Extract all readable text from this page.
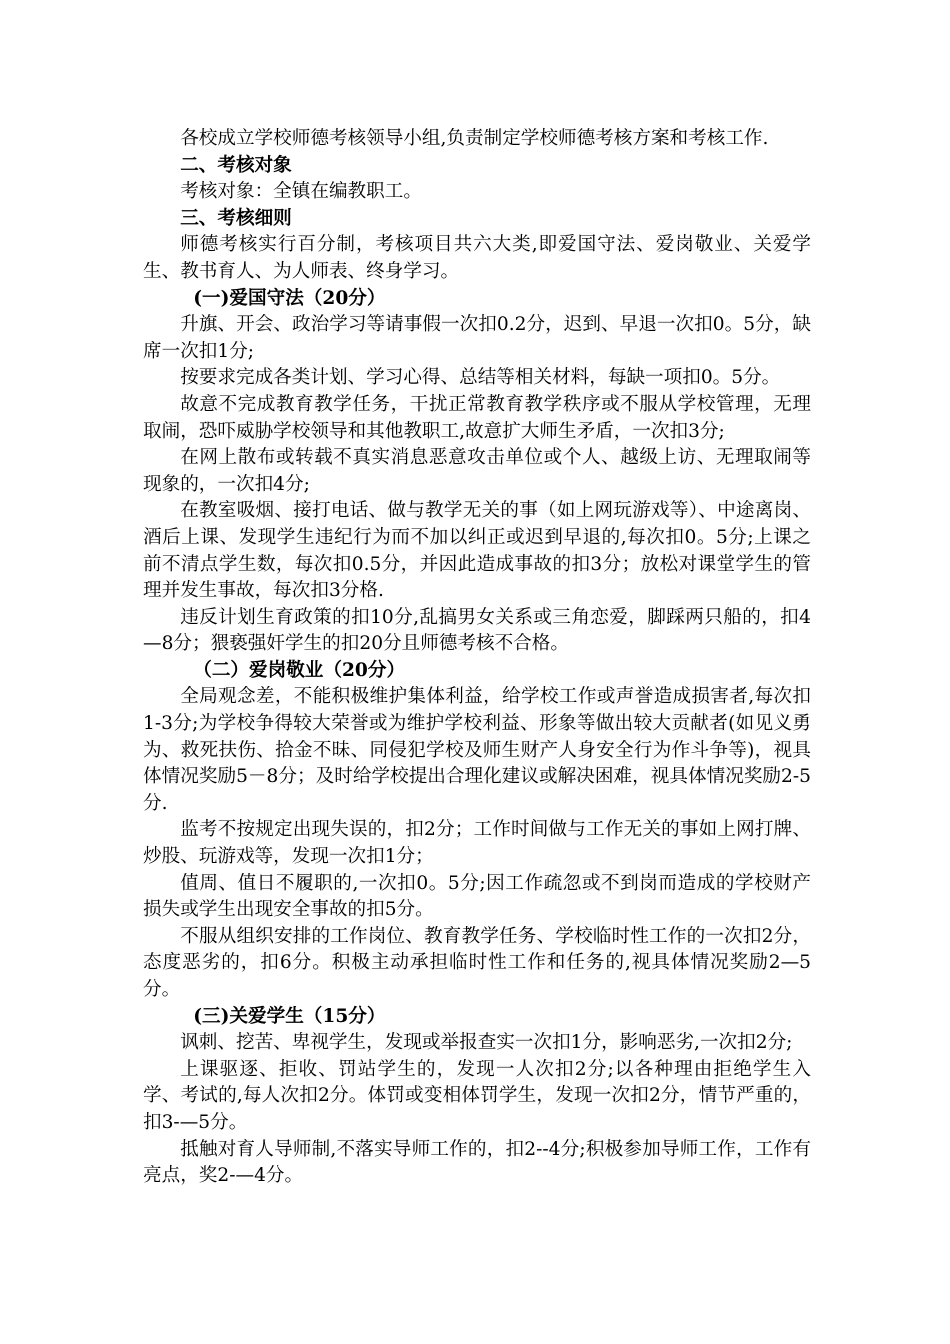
各校成立学校师德考核领导小组,负责制定学校师德考核方案和考核工作.

二、考核对象

考核对象：全镇在编教职工。

三、考核细则

师德考核实行百分制，考核项目共六大类,即爱国守法、爱岗敬业、关爱学生、教书育人、为人师表、终身学习。

(一)爱国守法（20分）

升旗、开会、政治学习等请事假一次扣0.2分，迟到、早退一次扣0。5分，缺席一次扣1分;

按要求完成各类计划、学习心得、总结等相关材料，每缺一项扣0。5分。

故意不完成教育教学任务，干扰正常教育教学秩序或不服从学校管理，无理取闹，恐吓威胁学校领导和其他教职工,故意扩大师生矛盾，一次扣3分;

在网上散布或转载不真实消息恶意攻击单位或个人、越级上访、无理取闹等现象的，一次扣4分;

在教室吸烟、接打电话、做与教学无关的事（如上网玩游戏等）、中途离岗、酒后上课、发现学生违纪行为而不加以纠正或迟到早退的,每次扣0。5分;上课之前不清点学生数，每次扣0.5分，并因此造成事故的扣3分；放松对课堂学生的管理并发生事故，每次扣3分格.

违反计划生育政策的扣10分,乱搞男女关系或三角恋爱，脚踩两只船的，扣4—8分；猥亵强奸学生的扣20分且师德考核不合格。

（二）爱岗敬业（20分）

全局观念差，不能积极维护集体利益，给学校工作或声誉造成损害者,每次扣1-3分;为学校争得较大荣誉或为维护学校利益、形象等做出较大贡献者(如见义勇为、救死扶伤、拾金不昧、同侵犯学校及师生财产人身安全行为作斗争等)，视具体情况奖励5－8分；及时给学校提出合理化建议或解决困难，视具体情况奖励2-5分.

监考不按规定出现失误的，扣2分；工作时间做与工作无关的事如上网打牌、炒股、玩游戏等，发现一次扣1分；

值周、值日不履职的,一次扣0。5分;因工作疏忽或不到岗而造成的学校财产损失或学生出现安全事故的扣5分。

不服从组织安排的工作岗位、教育教学任务、学校临时性工作的一次扣2分，态度恶劣的，扣6分。积极主动承担临时性工作和任务的,视具体情况奖励2—5分。

(三)关爱学生（15分）

讽刺、挖苦、卑视学生，发现或举报查实一次扣1分，影响恶劣,一次扣2分;

上课驱逐、拒收、罚站学生的，发现一人次扣2分;以各种理由拒绝学生入学、考试的,每人次扣2分。体罚或变相体罚学生，发现一次扣2分，情节严重的，扣3-—5分。

抵触对育人导师制,不落实导师工作的，扣2--4分;积极参加导师工作，工作有亮点，奖2-—4分。
